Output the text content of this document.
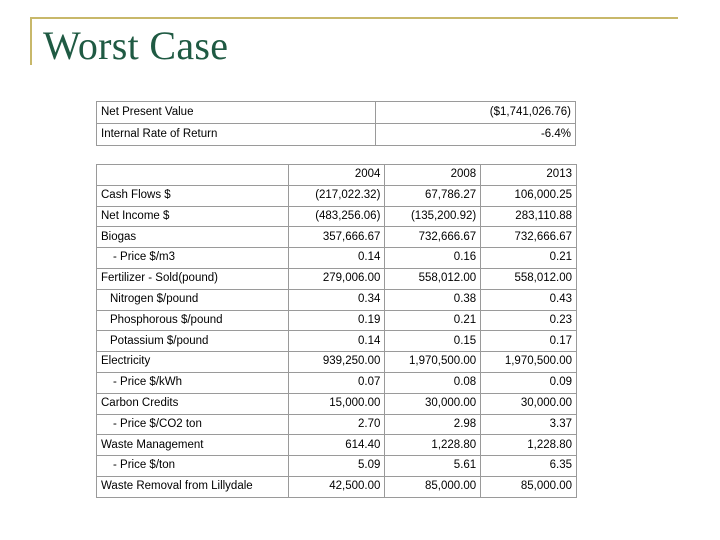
Worst Case
Net Present Value	($1,741,026.76)
Internal Rate of Return	-6.4%
	2004	2008	2013
Cash Flows $	(217,022.32)	67,786.27	106,000.25
Net Income $	(483,256.06)	(135,200.92)	283,110.88
Biogas	357,666.67	732,666.67	732,666.67
- Price $/m3	0.14	0.16	0.21
Fertilizer - Sold(pound)	279,006.00	558,012.00	558,012.00
Nitrogen $/pound	0.34	0.38	0.43
Phosphorous $/pound	0.19	0.21	0.23
Potassium $/pound	0.14	0.15	0.17
Electricity	939,250.00	1,970,500.00	1,970,500.00
- Price $/kWh	0.07	0.08	0.09
Carbon Credits	15,000.00	30,000.00	30,000.00
- Price $/CO2 ton	2.70	2.98	3.37
Waste Management	614.40	1,228.80	1,228.80
- Price $/ton	5.09	5.61	6.35
Waste Removal from Lillydale	42,500.00	85,000.00	85,000.00
